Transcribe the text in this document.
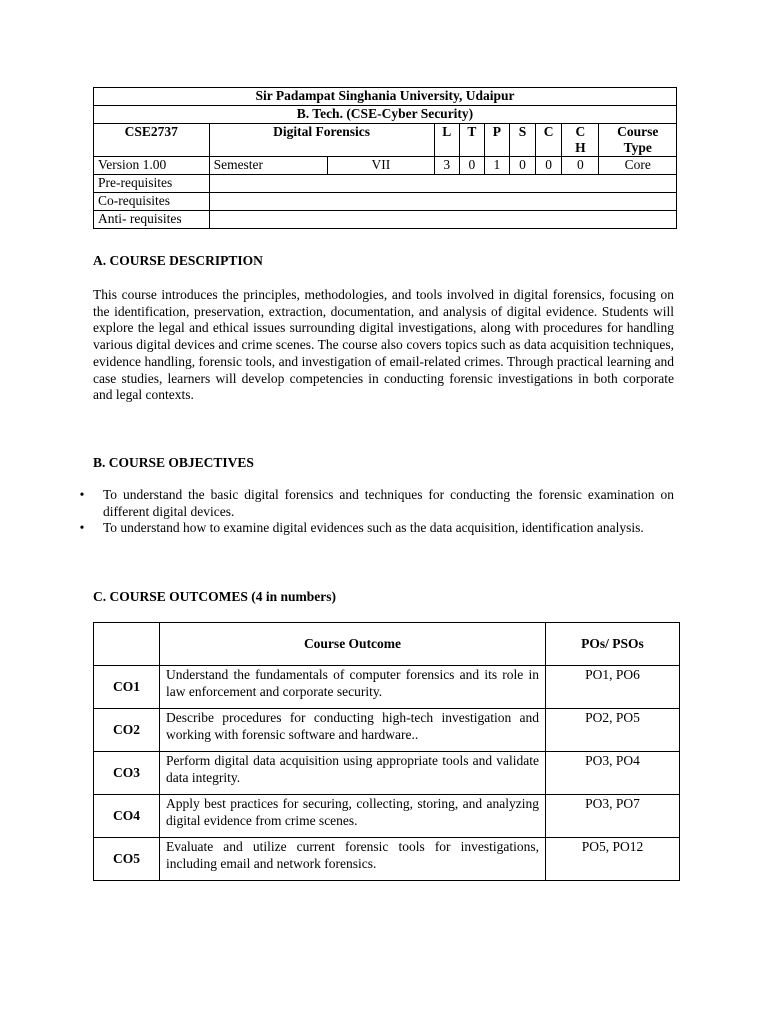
Sir Padampat Singhania University, Udaipur									
B. Tech. (CSE-Cyber Security)									
CSE2737	Digital Forensics		L	T	P	S	C	C H	Course Type
Version 1.00	Semester	VII	3	0	1	0	0	0	Core
Pre-requisites									
Co-requisites									
Anti- requisites									
A. COURSE DESCRIPTION

This course introduces the principles, methodologies, and tools involved in digital forensics, focusing on the identification, preservation, extraction, documentation, and analysis of digital evidence. Students will explore the legal and ethical issues surrounding digital investigations, along with procedures for handling various digital devices and crime scenes. The course also covers topics such as data acquisition techniques, evidence handling, forensic tools, and investigation of email-related crimes. Through practical learning and case studies, learners will develop competencies in conducting forensic investigations in both corporate and legal contexts.

B. COURSE OBJECTIVES
• To understand the basic digital forensics and techniques for conducting the forensic examination on different digital devices.
• To understand how to examine digital evidences such as the data acquisition, identification analysis.
C. COURSE OUTCOMES (4 in numbers)
	Course Outcome	POs/ PSOs
CO1	Understand the fundamentals of computer forensics and its role in law enforcement and corporate security.	PO1, PO6
CO2	Describe procedures for conducting high-tech investigation and working with forensic software and hardware..	PO2, PO5
CO3	Perform digital data acquisition using appropriate tools and validate data integrity.	PO3, PO4
CO4	Apply best practices for securing, collecting, storing, and analyzing digital evidence from crime scenes.	PO3, PO7
CO5	Evaluate and utilize current forensic tools for investigations, including email and network forensics.	PO5, PO12
